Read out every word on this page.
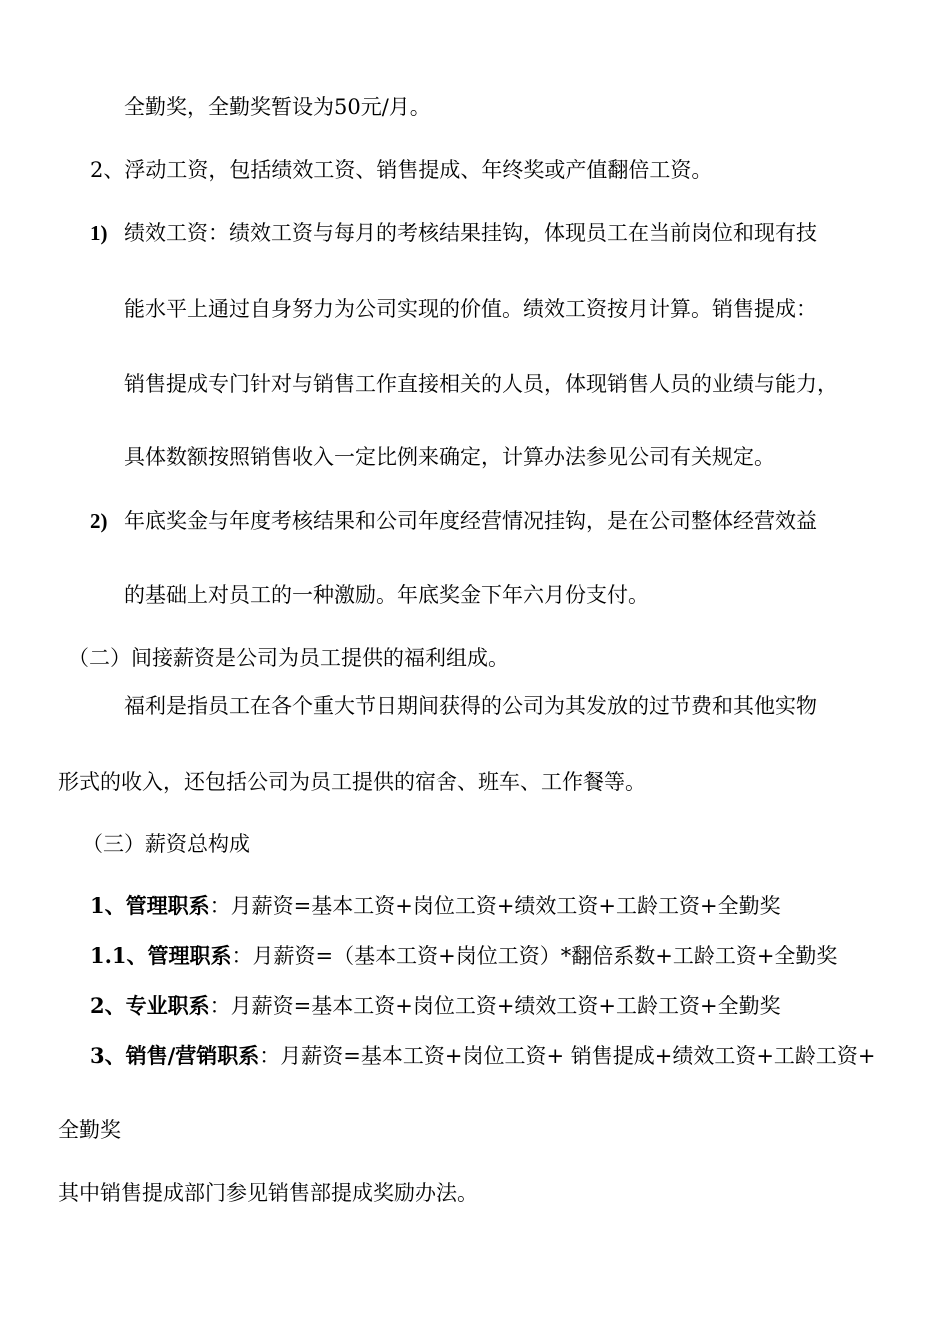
全勤奖，全勤奖暂设为50元/月。

2、浮动工资，包括绩效工资、销售提成、年终奖或产值翻倍工资。

1) 绩效工资：绩效工资与每月的考核结果挂钩，体现员工在当前岗位和现有技

能水平上通过自身努力为公司实现的价值。绩效工资按月计算。销售提成：

销售提成专门针对与销售工作直接相关的人员，体现销售人员的业绩与能力，

具体数额按照销售收入一定比例来确定，计算办法参见公司有关规定。

2) 年底奖金与年度考核结果和公司年度经营情况挂钩，是在公司整体经营效益

的基础上对员工的一种激励。年底奖金下年六月份支付。

（二）间接薪资是公司为员工提供的福利组成。

福利是指员工在各个重大节日期间获得的公司为其发放的过节费和其他实物

形式的收入，还包括公司为员工提供的宿舍、班车、工作餐等。

（三）薪资总构成

1、管理职系：月薪资=基本工资+岗位工资+绩效工资+工龄工资+全勤奖

1.1、管理职系：月薪资=（基本工资+岗位工资）*翻倍系数+工龄工资+全勤奖

2、专业职系：月薪资=基本工资+岗位工资+绩效工资+工龄工资+全勤奖

3、销售/营销职系：月薪资=基本工资+岗位工资+ 销售提成+绩效工资+工龄工资+

全勤奖

其中销售提成部门参见销售部提成奖励办法。
